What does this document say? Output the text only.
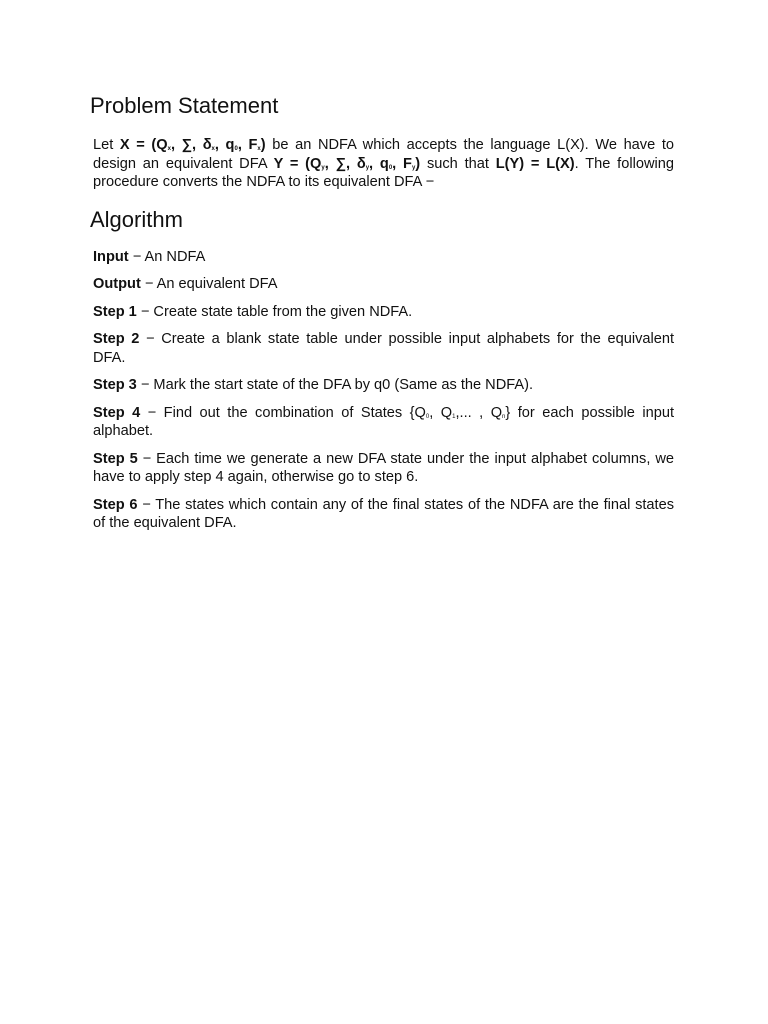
Problem Statement

Let X = (Qx, ∑, δx, q0, Fx) be an NDFA which accepts the language L(X). We have to design an equivalent DFA Y = (Qy, ∑, δy, q0, Fy) such that L(Y) = L(X). The following procedure converts the NDFA to its equivalent DFA −

Algorithm

Input − An NDFA

Output − An equivalent DFA

Step 1 − Create state table from the given NDFA.

Step 2 − Create a blank state table under possible input alphabets for the equivalent DFA.

Step 3 − Mark the start state of the DFA by q0 (Same as the NDFA).

Step 4 − Find out the combination of States {Q0, Q1,... , Qn} for each possible input alphabet.

Step 5 − Each time we generate a new DFA state under the input alphabet columns, we have to apply step 4 again, otherwise go to step 6.

Step 6 − The states which contain any of the final states of the NDFA are the final states of the equivalent DFA.
